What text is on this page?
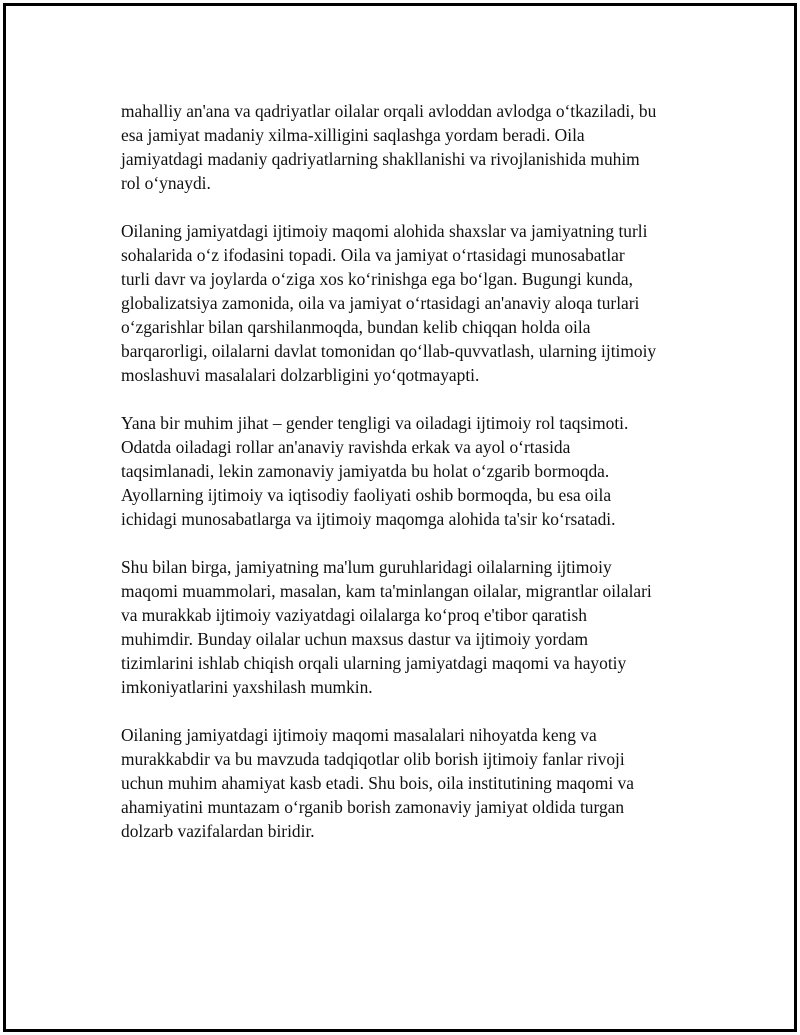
mahalliy an'ana va qadriyatlar oilalar orqali avloddan avlodga o‘tkaziladi, bu
esa jamiyat madaniy xilma-xilligini saqlashga yordam beradi. Oila
jamiyatdagi madaniy qadriyatlarning shakllanishi va rivojlanishida muhim
rol o‘ynaydi.

Oilaning jamiyatdagi ijtimoiy maqomi alohida shaxslar va jamiyatning turli
sohalarida o‘z ifodasini topadi. Oila va jamiyat o‘rtasidagi munosabatlar
turli davr va joylarda o‘ziga xos ko‘rinishga ega bo‘lgan. Bugungi kunda,
globalizatsiya zamonida, oila va jamiyat o‘rtasidagi an'anaviy aloqa turlari
o‘zgarishlar bilan qarshilanmoqda, bundan kelib chiqqan holda oila
barqarorligi, oilalarni davlat tomonidan qo‘llab-quvvatlash, ularning ijtimoiy
moslashuvi masalalari dolzarbligini yo‘qotmayapti.

Yana bir muhim jihat – gender tengligi va oiladagi ijtimoiy rol taqsimoti.
Odatda oiladagi rollar an'anaviy ravishda erkak va ayol o‘rtasida
taqsimlanadi, lekin zamonaviy jamiyatda bu holat o‘zgarib bormoqda.
Ayollarning ijtimoiy va iqtisodiy faoliyati oshib bormoqda, bu esa oila
ichidagi munosabatlarga va ijtimoiy maqomga alohida ta'sir ko‘rsatadi.

Shu bilan birga, jamiyatning ma'lum guruhlaridagi oilalarning ijtimoiy
maqomi muammolari, masalan, kam ta'minlangan oilalar, migrantlar oilalari
va murakkab ijtimoiy vaziyatdagi oilalarga ko‘proq e'tibor qaratish
muhimdir. Bunday oilalar uchun maxsus dastur va ijtimoiy yordam
tizimlarini ishlab chiqish orqali ularning jamiyatdagi maqomi va hayotiy
imkoniyatlarini yaxshilash mumkin.

Oilaning jamiyatdagi ijtimoiy maqomi masalalari nihoyatda keng va
murakkabdir va bu mavzuda tadqiqotlar olib borish ijtimoiy fanlar rivoji
uchun muhim ahamiyat kasb etadi. Shu bois, oila institutining maqomi va
ahamiyatini muntazam o‘rganib borish zamonaviy jamiyat oldida turgan
dolzarb vazifalardan biridir.
